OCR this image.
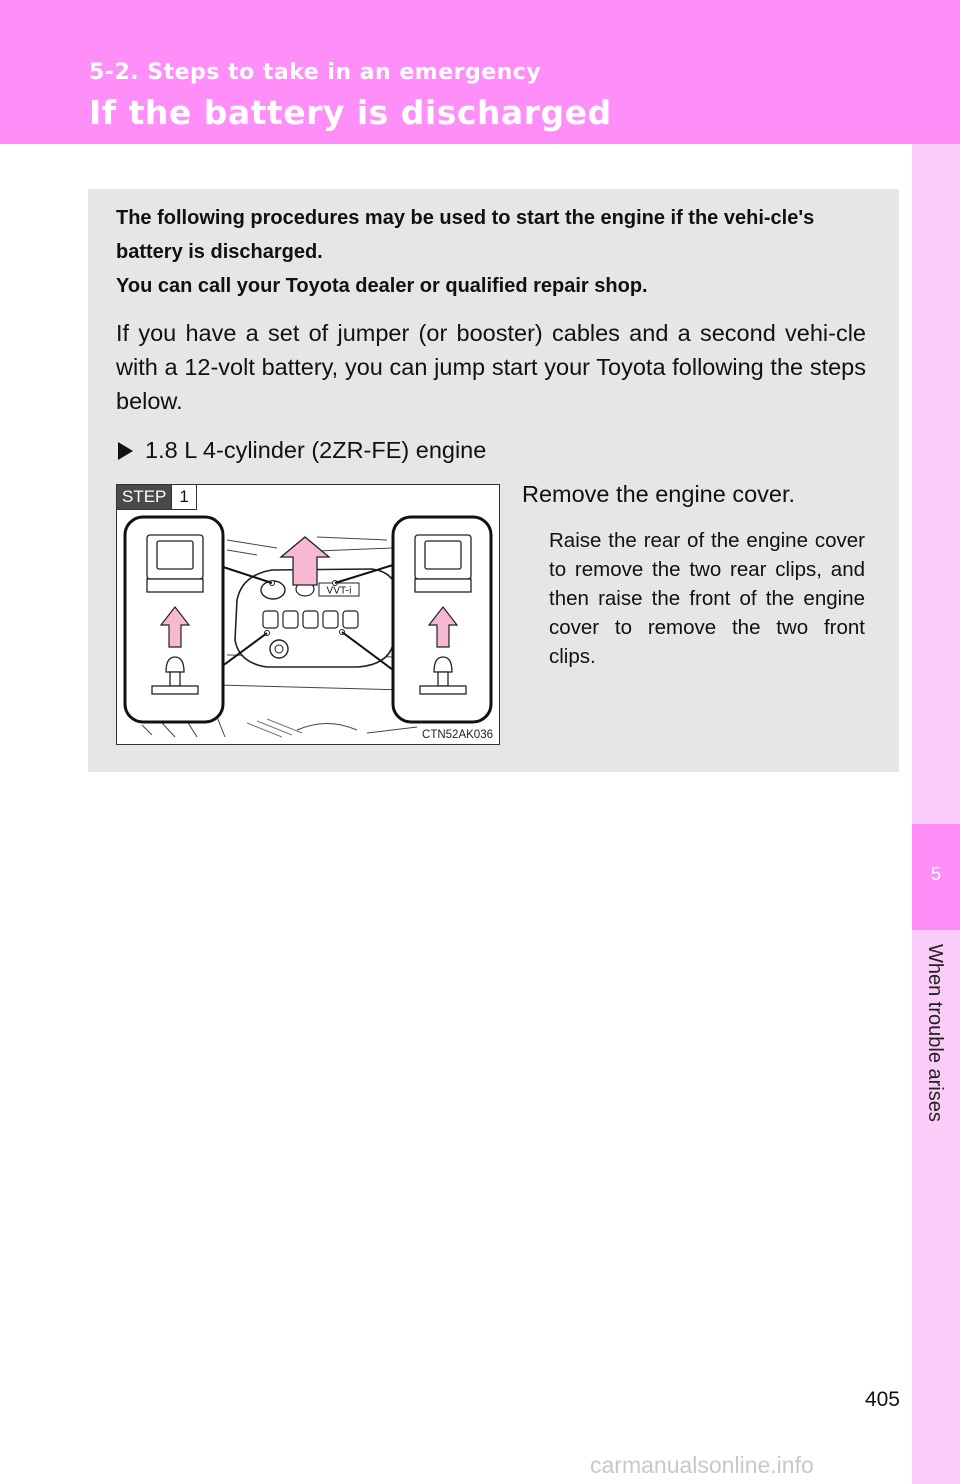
5-2. Steps to take in an emergency
If the battery is discharged
5
When trouble arises

The following procedures may be used to start the engine if the vehi-cle's battery is discharged.

You can call your Toyota dealer or qualified repair shop.

If you have a set of jumper (or booster) cables and a second vehi-cle with a 12-volt battery, you can jump start your Toyota following the steps below.
1.8 L 4-cylinder (2ZR-FE) engine
VVT-i
STEP 1
CTN52AK036
Remove the engine cover.
Raise the rear of the engine cover to remove the two rear clips, and then raise the front of the engine cover to remove the two front clips.
405
carmanualsonline.info
